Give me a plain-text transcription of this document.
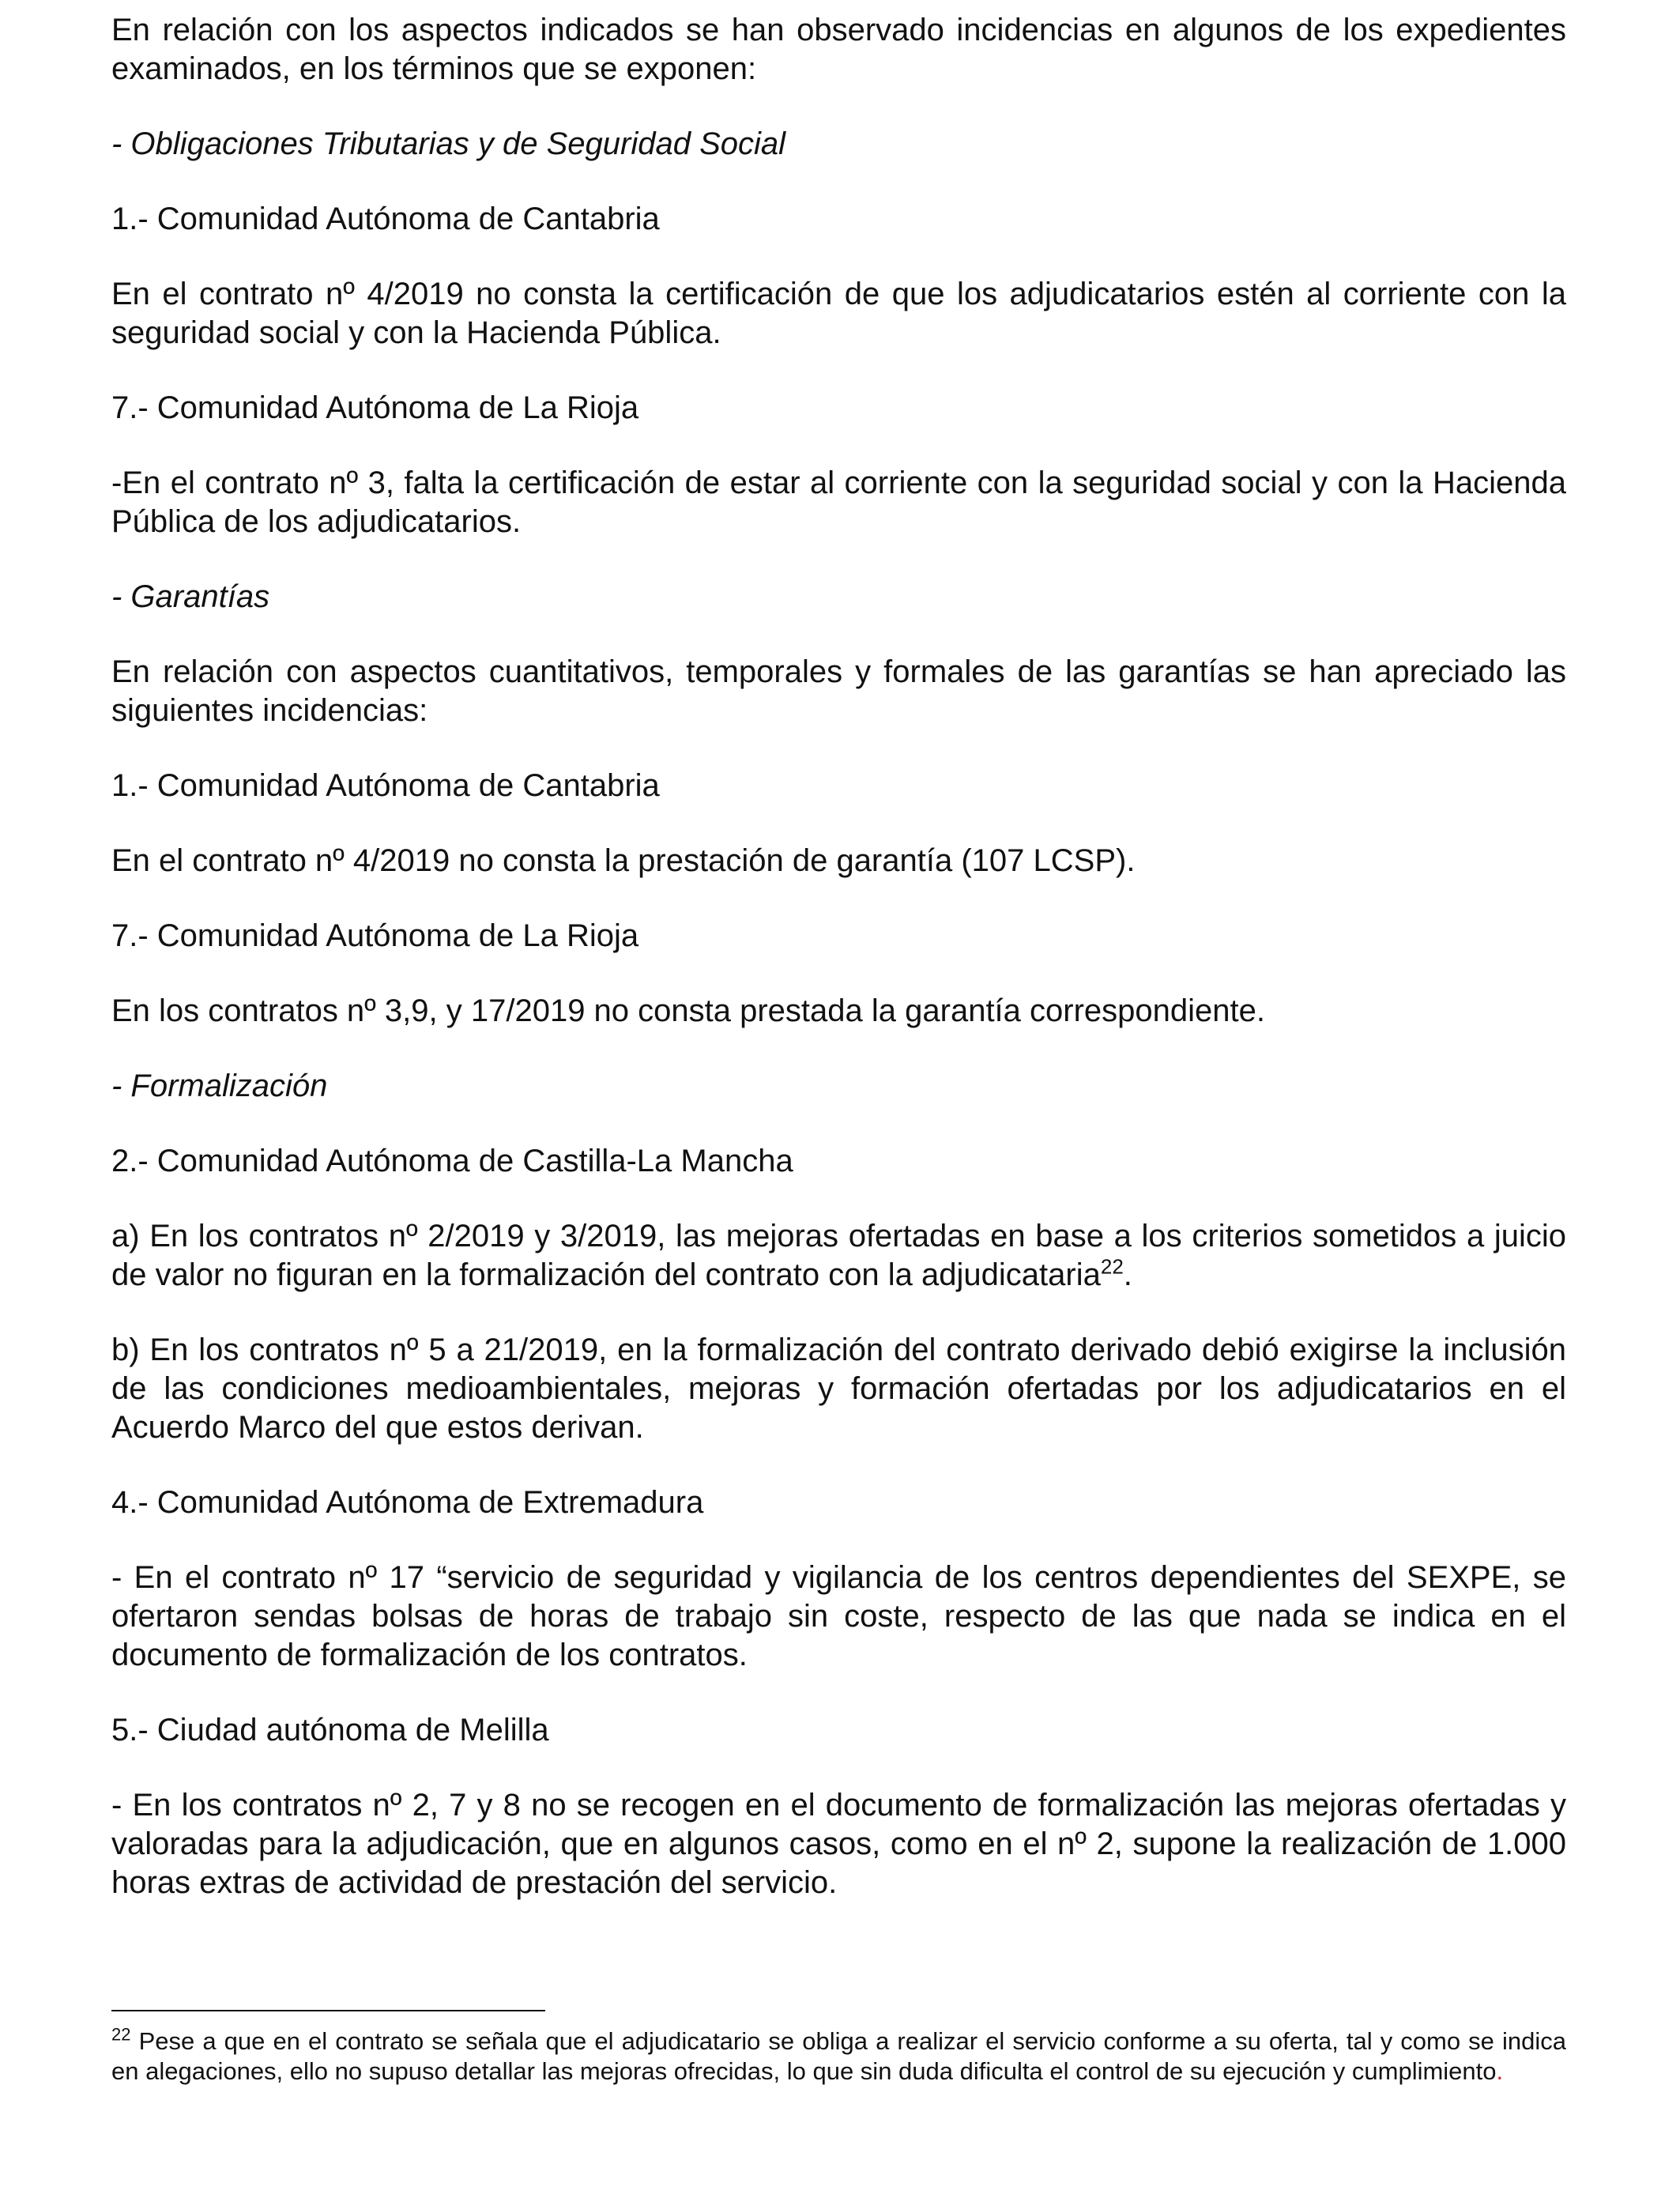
En relación con los aspectos indicados se han observado incidencias en algunos de los expedientes examinados, en los términos que se exponen:

- Obligaciones Tributarias y de Seguridad Social

1.- Comunidad Autónoma de Cantabria

En el contrato nº 4/2019 no consta la certificación de que los adjudicatarios estén al corriente con la seguridad social y con la Hacienda Pública.

7.- Comunidad Autónoma de La Rioja

-En el contrato nº 3, falta la certificación de estar al corriente con la seguridad social y con la Hacienda Pública de los adjudicatarios.

- Garantías

En relación con aspectos cuantitativos, temporales y formales de las garantías se han apreciado las siguientes incidencias:

1.- Comunidad Autónoma de Cantabria

En el contrato nº 4/2019 no consta la prestación de garantía (107 LCSP).

7.- Comunidad Autónoma de La Rioja

En los contratos nº 3,9, y 17/2019 no consta prestada la garantía correspondiente.

- Formalización

2.- Comunidad Autónoma de Castilla-La Mancha

a) En los contratos nº 2/2019 y 3/2019, las mejoras ofertadas en base a los criterios sometidos a juicio de valor no figuran en la formalización del contrato con la adjudicataria$^{22}$.

b) En los contratos nº 5 a 21/2019, en la formalización del contrato derivado debió exigirse la inclusión de las condiciones medioambientales, mejoras y formación ofertadas por los adjudicatarios en el Acuerdo Marco del que estos derivan.

4.- Comunidad Autónoma de Extremadura

- En el contrato nº 17 “servicio de seguridad y vigilancia de los centros dependientes del SEXPE, se ofertaron sendas bolsas de horas de trabajo sin coste, respecto de las que nada se indica en el documento de formalización de los contratos.

5.- Ciudad autónoma de Melilla

- En los contratos nº 2, 7 y 8 no se recogen en el documento de formalización las mejoras ofertadas y valoradas para la adjudicación, que en algunos casos, como en el nº 2, supone la realización de 1.000 horas extras de actividad de prestación del servicio.

$^{22}$ Pese a que en el contrato se señala que el adjudicatario se obliga a realizar el servicio conforme a su oferta, tal y como se indica en alegaciones, ello no supuso detallar las mejoras ofrecidas, lo que sin duda dificulta el control de su ejecución y cumplimiento.
